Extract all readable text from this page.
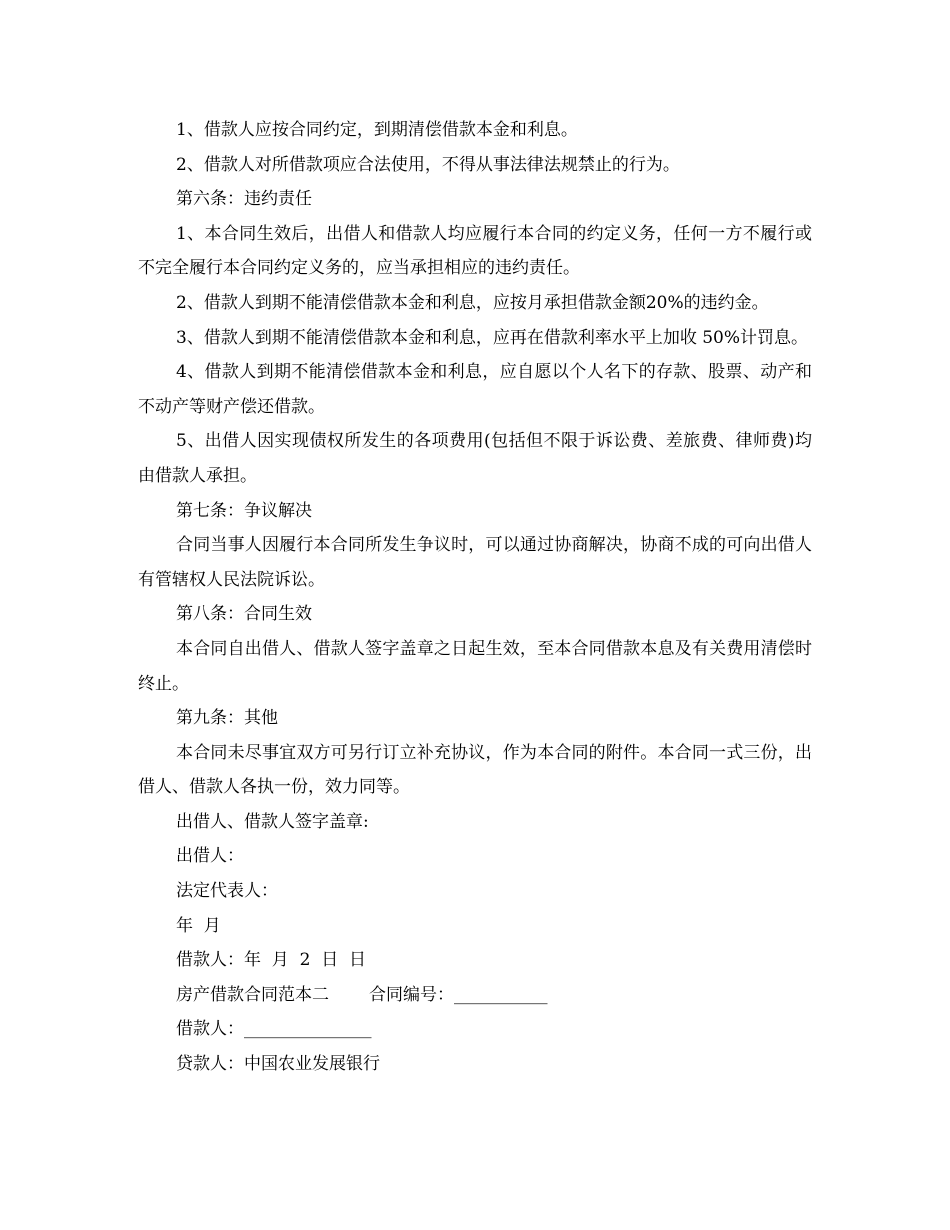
1、借款人应按合同约定，到期清偿借款本金和利息。

2、借款人对所借款项应合法使用，不得从事法律法规禁止的行为。

第六条：违约责任

1、本合同生效后，出借人和借款人均应履行本合同的约定义务，任何一方不履行或不完全履行本合同约定义务的，应当承担相应的违约责任。

2、借款人到期不能清偿借款本金和利息，应按月承担借款金额20%的违约金。

3、借款人到期不能清偿借款本金和利息，应再在借款利率水平上加收 50%计罚息。

4、借款人到期不能清偿借款本金和利息，应自愿以个人名下的存款、股票、动产和不动产等财产偿还借款。

5、出借人因实现债权所发生的各项费用(包括但不限于诉讼费、差旅费、律师费)均由借款人承担。

第七条：争议解决

合同当事人因履行本合同所发生争议时，可以通过协商解决，协商不成的可向出借人有管辖权人民法院诉讼。

第八条：合同生效

本合同自出借人、借款人签字盖章之日起生效，至本合同借款本息及有关费用清偿时终止。

第九条：其他

本合同未尽事宜双方可另行订立补充协议，作为本合同的附件。本合同一式三份，出借人、借款人各执一份，效力同等。

出借人、借款人签字盖章:

出借人：

法定代表人：

年  月

借款人：年  月  2  日  日

房产借款合同范本二 合同编号：___________

借款人：_______________

贷款人：中国农业发展银行
